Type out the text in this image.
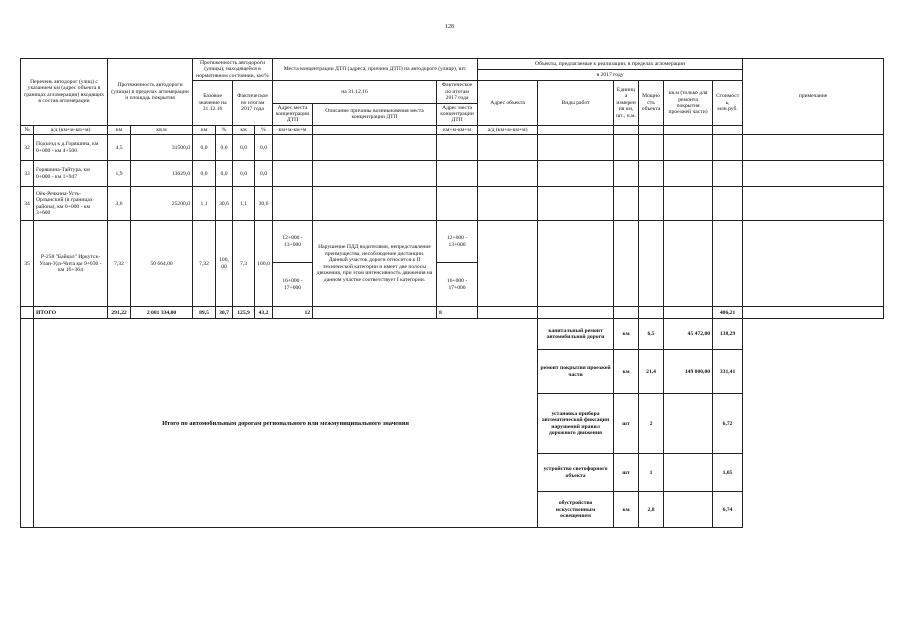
128
Перечень автодорог (улиц) с указанием км (адрес объекта в границах агломерации) входящих в состав агломерации		Протяженность автодороги (улицы) в пределах агломерации и площадь покрытия		Протяженность автодороги (улицы), находящейся в нормативном состоянии, км/%				Места концентрации ДТП (адреса, причина ДТП) на автодороге (улице), шт.			Объекты, предлагаемые к реализации, в пределах агломерации						примечание
											в 2017 году						
				Базовое значение на 31.12.16		Фактическое по итогам 2017 года		на 31.12.16		Фактическое по итогам 2017 года	Адрес объекта	Виды работ	Единица измерения км, шт., п.м.	Мощность объекта	кв.м (только для ремонта покрытия проезжей части)	Стоимость, млн.руб.	
								Адрес места концентрации ДТП	Описание причины возникновения места концентрации ДТП	Адрес места концентрации ДТП							
№	а/д (км+м-км+м)	км	кв.м	км	%	км	%	км+м-км+м		км+м-км+м	а/д (км+м-км+м)						
32	Подъезд к д.Горяшина, км 0+000 - км 4+500	4,5	31500,0	0,0	0,0	0,0	0,0										
33	Горяшина-Тайтура, км 0+000 - км 1+947	1,9	13629,0	0,0	0,0	0,0	0,0										
34	Оёк-Речкина-Усть-Орлынский (в границах района), км 0+000 - км 3+600	3,6	25200,0	1,1	30,6	1,1	30,6										
35	Р-258 "Байкал" Иркутск-Улан-Удэ-Чита км 9+030 - км 16+364	7,32	50 664,00	7,32	100,00	7,3	100,0	12+000 - 13+000	Нарушение ПДД водителями, непредставление преимущества, несоблюдение дистанции. Данный участок дороги относится к II технической категории и имеет две полосы движения, при этом интенсивность движения на данном участке соответствует I категории.	12+000 - 13+000							
								16+000 - 17+000		16+000 - 17+000							
	ИТОГО	291,22	2 081 334,00	89,5	30,7	125,9	43,2	12		8						486,21	
	Итого по автомобильным дорогам регионального или межмуниципального значения											капитальный ремонт автомобильной дороги	км	6,5	45 472,00	138,29	
												ремонт покрытия проезжей части	км	21,4	149 800,00	331,41	
												установка прибора автоматической фиксации нарушений правил дорожного движения	шт	2		6,72	
												устройство светофорного объекта	шт	1		1,05	
												обустройство искусственным освещением	км	2,8		6,74	
